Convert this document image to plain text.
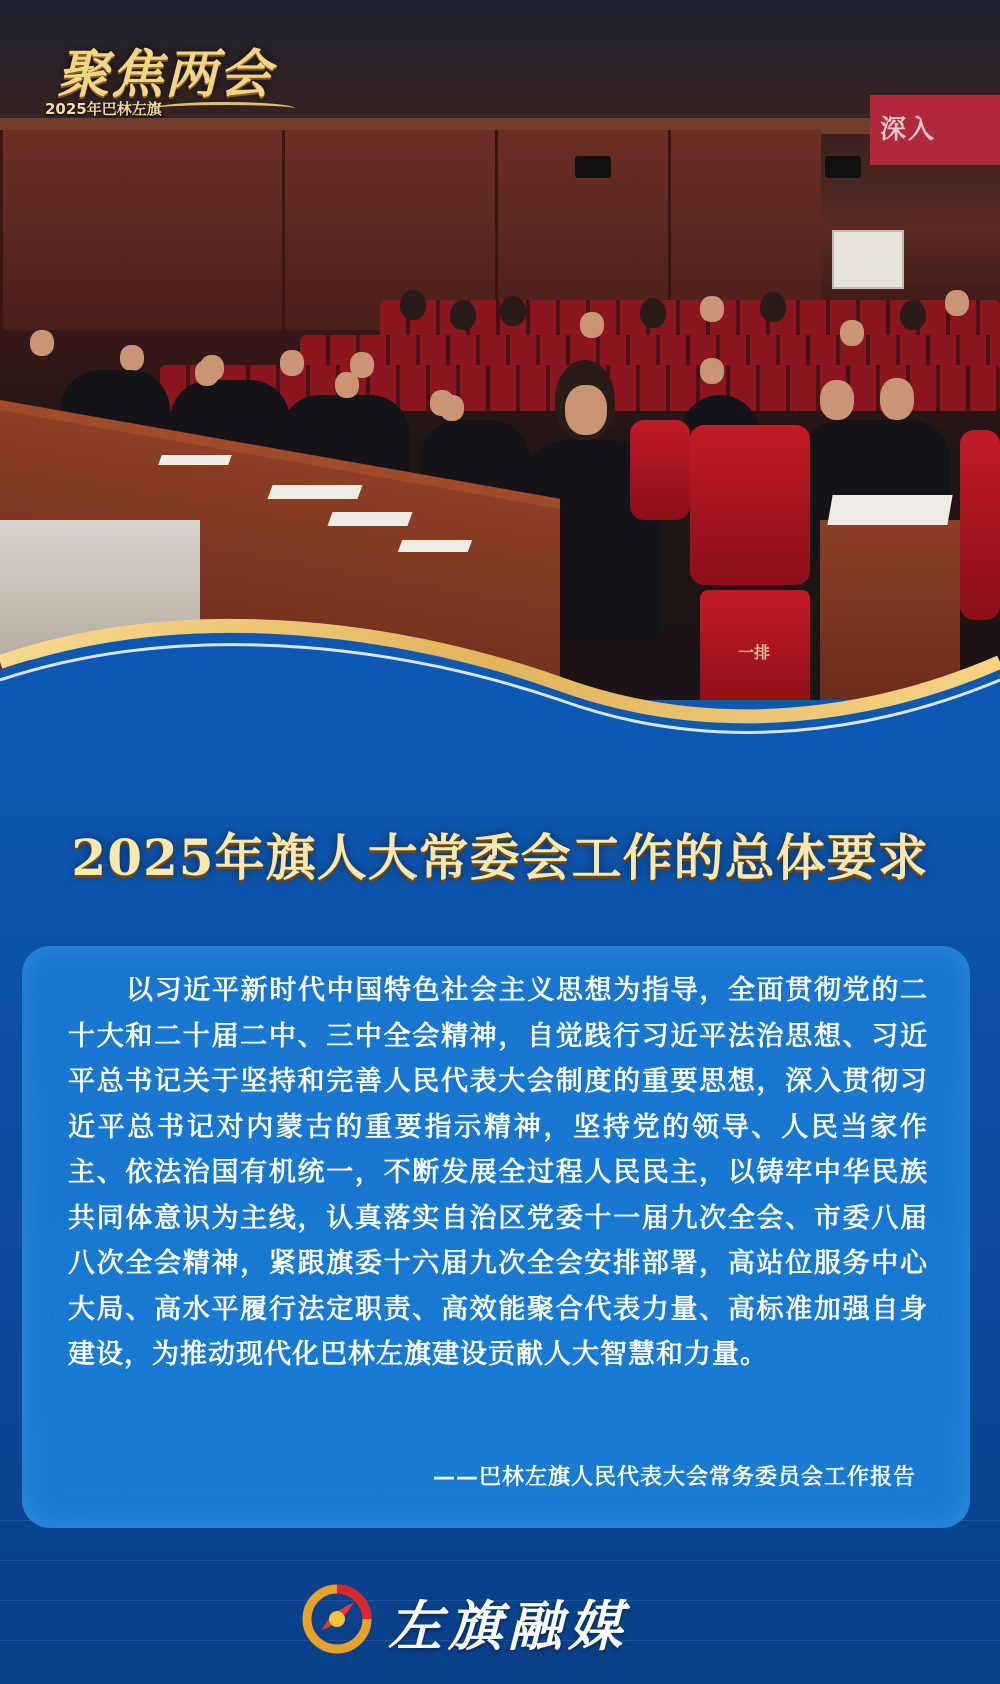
深入
一排
聚焦两会
2025年巴林左旗
2025年旗人大常委会工作的总体要求
以习近平新时代中国特色社会主义思想为指导，全面贯彻党的二十大和二十届二中、三中全会精神，自觉践行习近平法治思想、习近平总书记关于坚持和完善人民代表大会制度的重要思想，深入贯彻习近平总书记对内蒙古的重要指示精神，坚持党的领导、人民当家作主、依法治国有机统一，不断发展全过程人民民主，以铸牢中华民族共同体意识为主线，认真落实自治区党委十一届九次全会、市委八届八次全会精神，紧跟旗委十六届九次全会安排部署，高站位服务中心大局、高水平履行法定职责、高效能聚合代表力量、高标准加强自身建设，为推动现代化巴林左旗建设贡献人大智慧和力量。
——巴林左旗人民代表大会常务委员会工作报告
左旗融媒
